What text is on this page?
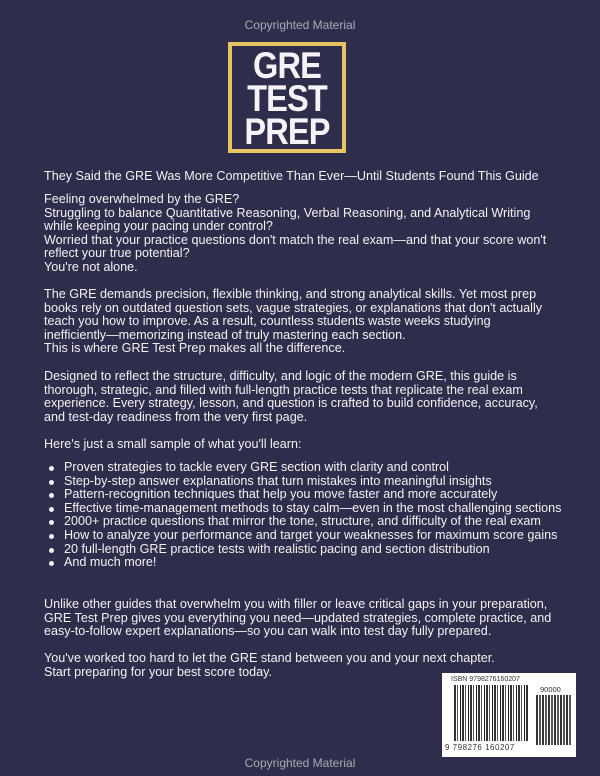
Copyrighted Material
GRE
TEST
PREP
They Said the GRE Was More Competitive Than Ever—Until Students Found This Guide
Feeling overwhelmed by the GRE?
Struggling to balance Quantitative Reasoning, Verbal Reasoning, and Analytical Writing
while keeping your pacing under control?
Worried that your practice questions don't match the real exam—and that your score won't
reflect your true potential?
You're not alone.
The GRE demands precision, flexible thinking, and strong analytical skills. Yet most prep
books rely on outdated question sets, vague strategies, or explanations that don't actually
teach you how to improve. As a result, countless students waste weeks studying
inefficiently—memorizing instead of truly mastering each section.
This is where GRE Test Prep makes all the difference.
Designed to reflect the structure, difficulty, and logic of the modern GRE, this guide is
thorough, strategic, and filled with full-length practice tests that replicate the real exam
experience. Every strategy, lesson, and question is crafted to build confidence, accuracy,
and test-day readiness from the very first page.
Here's just a small sample of what you'll learn:
Proven strategies to tackle every GRE section with clarity and control
Step-by-step answer explanations that turn mistakes into meaningful insights
Pattern-recognition techniques that help you move faster and more accurately
Effective time-management methods to stay calm—even in the most challenging sections
2000+ practice questions that mirror the tone, structure, and difficulty of the real exam
How to analyze your performance and target your weaknesses for maximum score gains
20 full-length GRE practice tests with realistic pacing and section distribution
And much more!
Unlike other guides that overwhelm you with filler or leave critical gaps in your preparation,
GRE Test Prep gives you everything you need—updated strategies, complete practice, and
easy-to-follow expert explanations—so you can walk into test day fully prepared.
You've worked too hard to let the GRE stand between you and your next chapter.
Start preparing for your best score today.
ISBN 9798276160207
90000
9 798276 160207
Copyrighted Material
